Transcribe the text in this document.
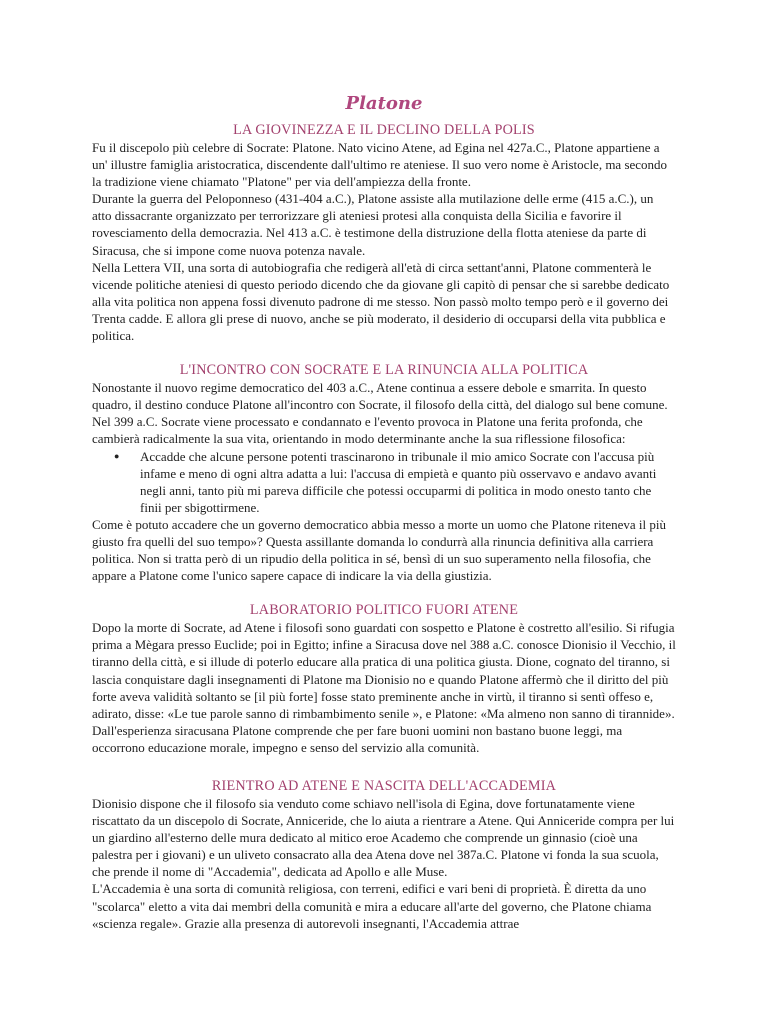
Platone
LA GIOVINEZZA E IL DECLINO DELLA POLIS

Fu il discepolo più celebre di Socrate: Platone. Nato vicino Atene, ad Egina nel 427a.C., Platone appartiene a un' illustre famiglia aristocratica, discendente dall'ultimo re ateniese. Il suo vero nome è Aristocle, ma secondo la tradizione viene chiamato "Platone" per via dell'ampiezza della fronte.

Durante la guerra del Peloponneso (431-404 a.C.), Platone assiste alla mutilazione delle erme (415 a.C.), un atto dissacrante organizzato per terrorizzare gli ateniesi protesi alla conquista della Sicilia e favorire il rovesciamento della democrazia. Nel 413 a.C. è testimone della distruzione della flotta ateniese da parte di Siracusa, che si impone come nuova potenza navale.

Nella Lettera VII, una sorta di autobiografia che redigerà all'età di circa settant'anni, Platone commenterà le vicende politiche ateniesi di questo periodo dicendo che da giovane gli capitò di pensar che si sarebbe dedicato alla vita politica non appena fossi divenuto padrone di me stesso. Non passò molto tempo però e il governo dei Trenta cadde. E allora gli prese di nuovo, anche se più moderato, il desiderio di occuparsi della vita pubblica e politica.

L'INCONTRO CON SOCRATE E LA RINUNCIA ALLA POLITICA

Nonostante il nuovo regime democratico del 403 a.C., Atene continua a essere debole e smarrita. In questo quadro, il destino conduce Platone all'incontro con Socrate, il filosofo della città, del dialogo sul bene comune. Nel 399 a.C. Socrate viene processato e condannato e l'evento provoca in Platone una ferita profonda, che cambierà radicalmente la sua vita, orientando in modo determinante anche la sua riflessione filosofica:

● Accadde che alcune persone potenti trascinarono in tribunale il mio amico Socrate con l'accusa più infame e meno di ogni altra adatta a lui: l'accusa di empietà e quanto più osservavo e andavo avanti negli anni, tanto più mi pareva difficile che potessi occuparmi di politica in modo onesto tanto che finii per sbigottirmene.

Come è potuto accadere che un governo democratico abbia messo a morte un uomo che Platone riteneva il più giusto fra quelli del suo tempo»? Questa assillante domanda lo condurrà alla rinuncia definitiva alla carriera politica. Non si tratta però di un ripudio della politica in sé, bensì di un suo superamento nella filosofia, che appare a Platone come l'unico sapere capace di indicare la via della giustizia.

LABORATORIO POLITICO FUORI ATENE

Dopo la morte di Socrate, ad Atene i filosofi sono guardati con sospetto e Platone è costretto all'esilio. Si rifugia prima a Mègara presso Euclide; poi in Egitto; infine a Siracusa dove nel 388 a.C. conosce Dionisio il Vecchio, il tiranno della città, e si illude di poterlo educare alla pratica di una politica giusta. Dione, cognato del tiranno, si lascia conquistare dagli insegnamenti di Platone ma Dionisio no e quando Platone affermò che il diritto del più forte aveva validità soltanto se [il più forte] fosse stato preminente anche in virtù, il tiranno si sentì offeso e, adirato, disse: «Le tue parole sanno di rimbambimento senile », e Platone: «Ma almeno non sanno di tirannide».

Dall'esperienza siracusana Platone comprende che per fare buoni uomini non bastano buone leggi, ma occorrono educazione morale, impegno e senso del servizio alla comunità.

RIENTRO AD ATENE E NASCITA DELL'ACCADEMIA

Dionisio dispone che il filosofo sia venduto come schiavo nell'isola di Egina, dove fortunatamente viene riscattato da un discepolo di Socrate, Anniceride, che lo aiuta a rientrare a Atene. Qui Anniceride compra per lui un giardino all'esterno delle mura dedicato al mitico eroe Academo che comprende un ginnasio (cioè una palestra per i giovani) e un uliveto consacrato alla dea Atena dove nel 387a.C. Platone vi fonda la sua scuola, che prende il nome di "Accademia", dedicata ad Apollo e alle Muse.

L'Accademia è una sorta di comunità religiosa, con terreni, edifici e vari beni di proprietà. È diretta da uno "scolarca" eletto a vita dai membri della comunità e mira a educare all'arte del governo, che Platone chiama «scienza regale». Grazie alla presenza di autorevoli insegnanti, l'Accademia attrae
